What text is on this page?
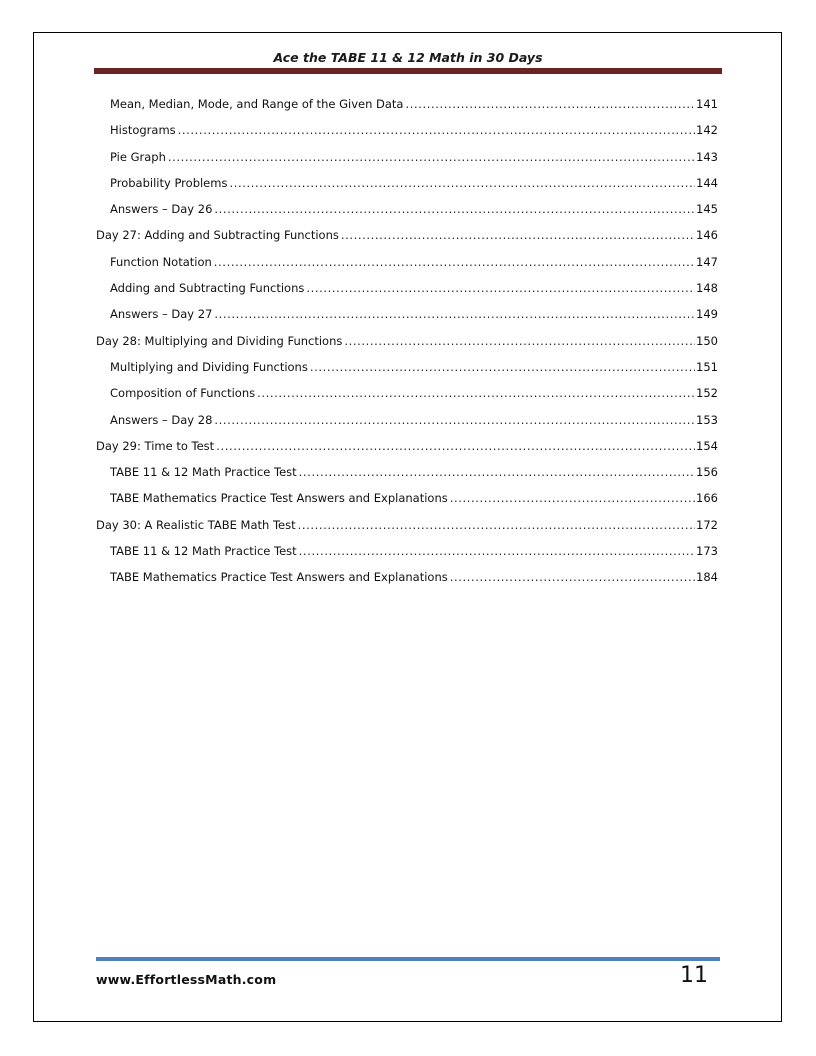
Ace the TABE 11 & 12 Math in 30 Days
Mean, Median, Mode, and Range of the Given Data .....	141
Histograms .....	142
Pie Graph .....	143
Probability Problems .....	144
Answers – Day 26 .....	145
Day 27: Adding and Subtracting Functions .....	146
Function Notation .....	147
Adding and Subtracting Functions .....	148
Answers – Day 27 .....	149
Day 28: Multiplying and Dividing Functions .....	150
Multiplying and Dividing Functions .....	151
Composition of Functions .....	152
Answers – Day 28 .....	153
Day 29: Time to Test .....	154
TABE 11 & 12 Math Practice Test .....	156
TABE Mathematics Practice Test Answers and Explanations .....	166
Day 30: A Realistic TABE Math Test .....	172
TABE 11 & 12 Math Practice Test .....	173
TABE Mathematics Practice Test Answers and Explanations .....	184
www.EffortlessMath.com	11
